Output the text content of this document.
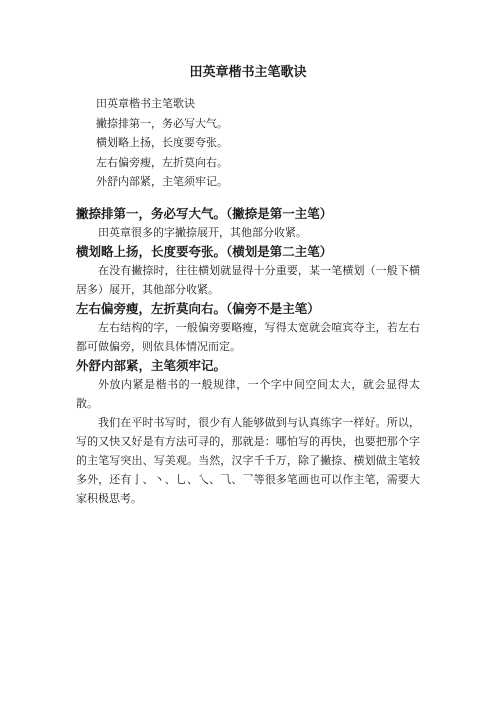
田英章楷书主笔歌诀
田英章楷书主笔歌诀
撇捺排第一，务必写大气。
横划略上扬，长度要夸张。
左右偏旁瘦，左折莫向右。
外舒内部紧，主笔须牢记。
撇捺排第一，务必写大气。（撇捺是第一主笔）

田英章很多的字撇捺展开，其他部分收紧。

横划略上扬，长度要夸张。（横划是第二主笔）

在没有撇捺时，往往横划就显得十分重要，某一笔横划（一般下横居多）展开，其他部分收紧。

左右偏旁瘦，左折莫向右。（偏旁不是主笔）

左右结构的字，一般偏旁要略瘦，写得太宽就会喧宾夺主，若左右都可做偏旁，则依具体情况而定。

外舒内部紧，主笔须牢记。

外放内紧是楷书的一般规律，一个字中间空间太大，就会显得太散。

我们在平时书写时，很少有人能够做到与认真练字一样好。所以，写的又快又好是有方法可寻的，那就是：哪怕写的再快，也要把那个字的主笔写突出、写美观。当然，汉字千千万，除了撇捺、横划做主笔较多外，还有亅、丶、乚、乀、⺄、乛等很多笔画也可以作主笔，需要大家积极思考。
